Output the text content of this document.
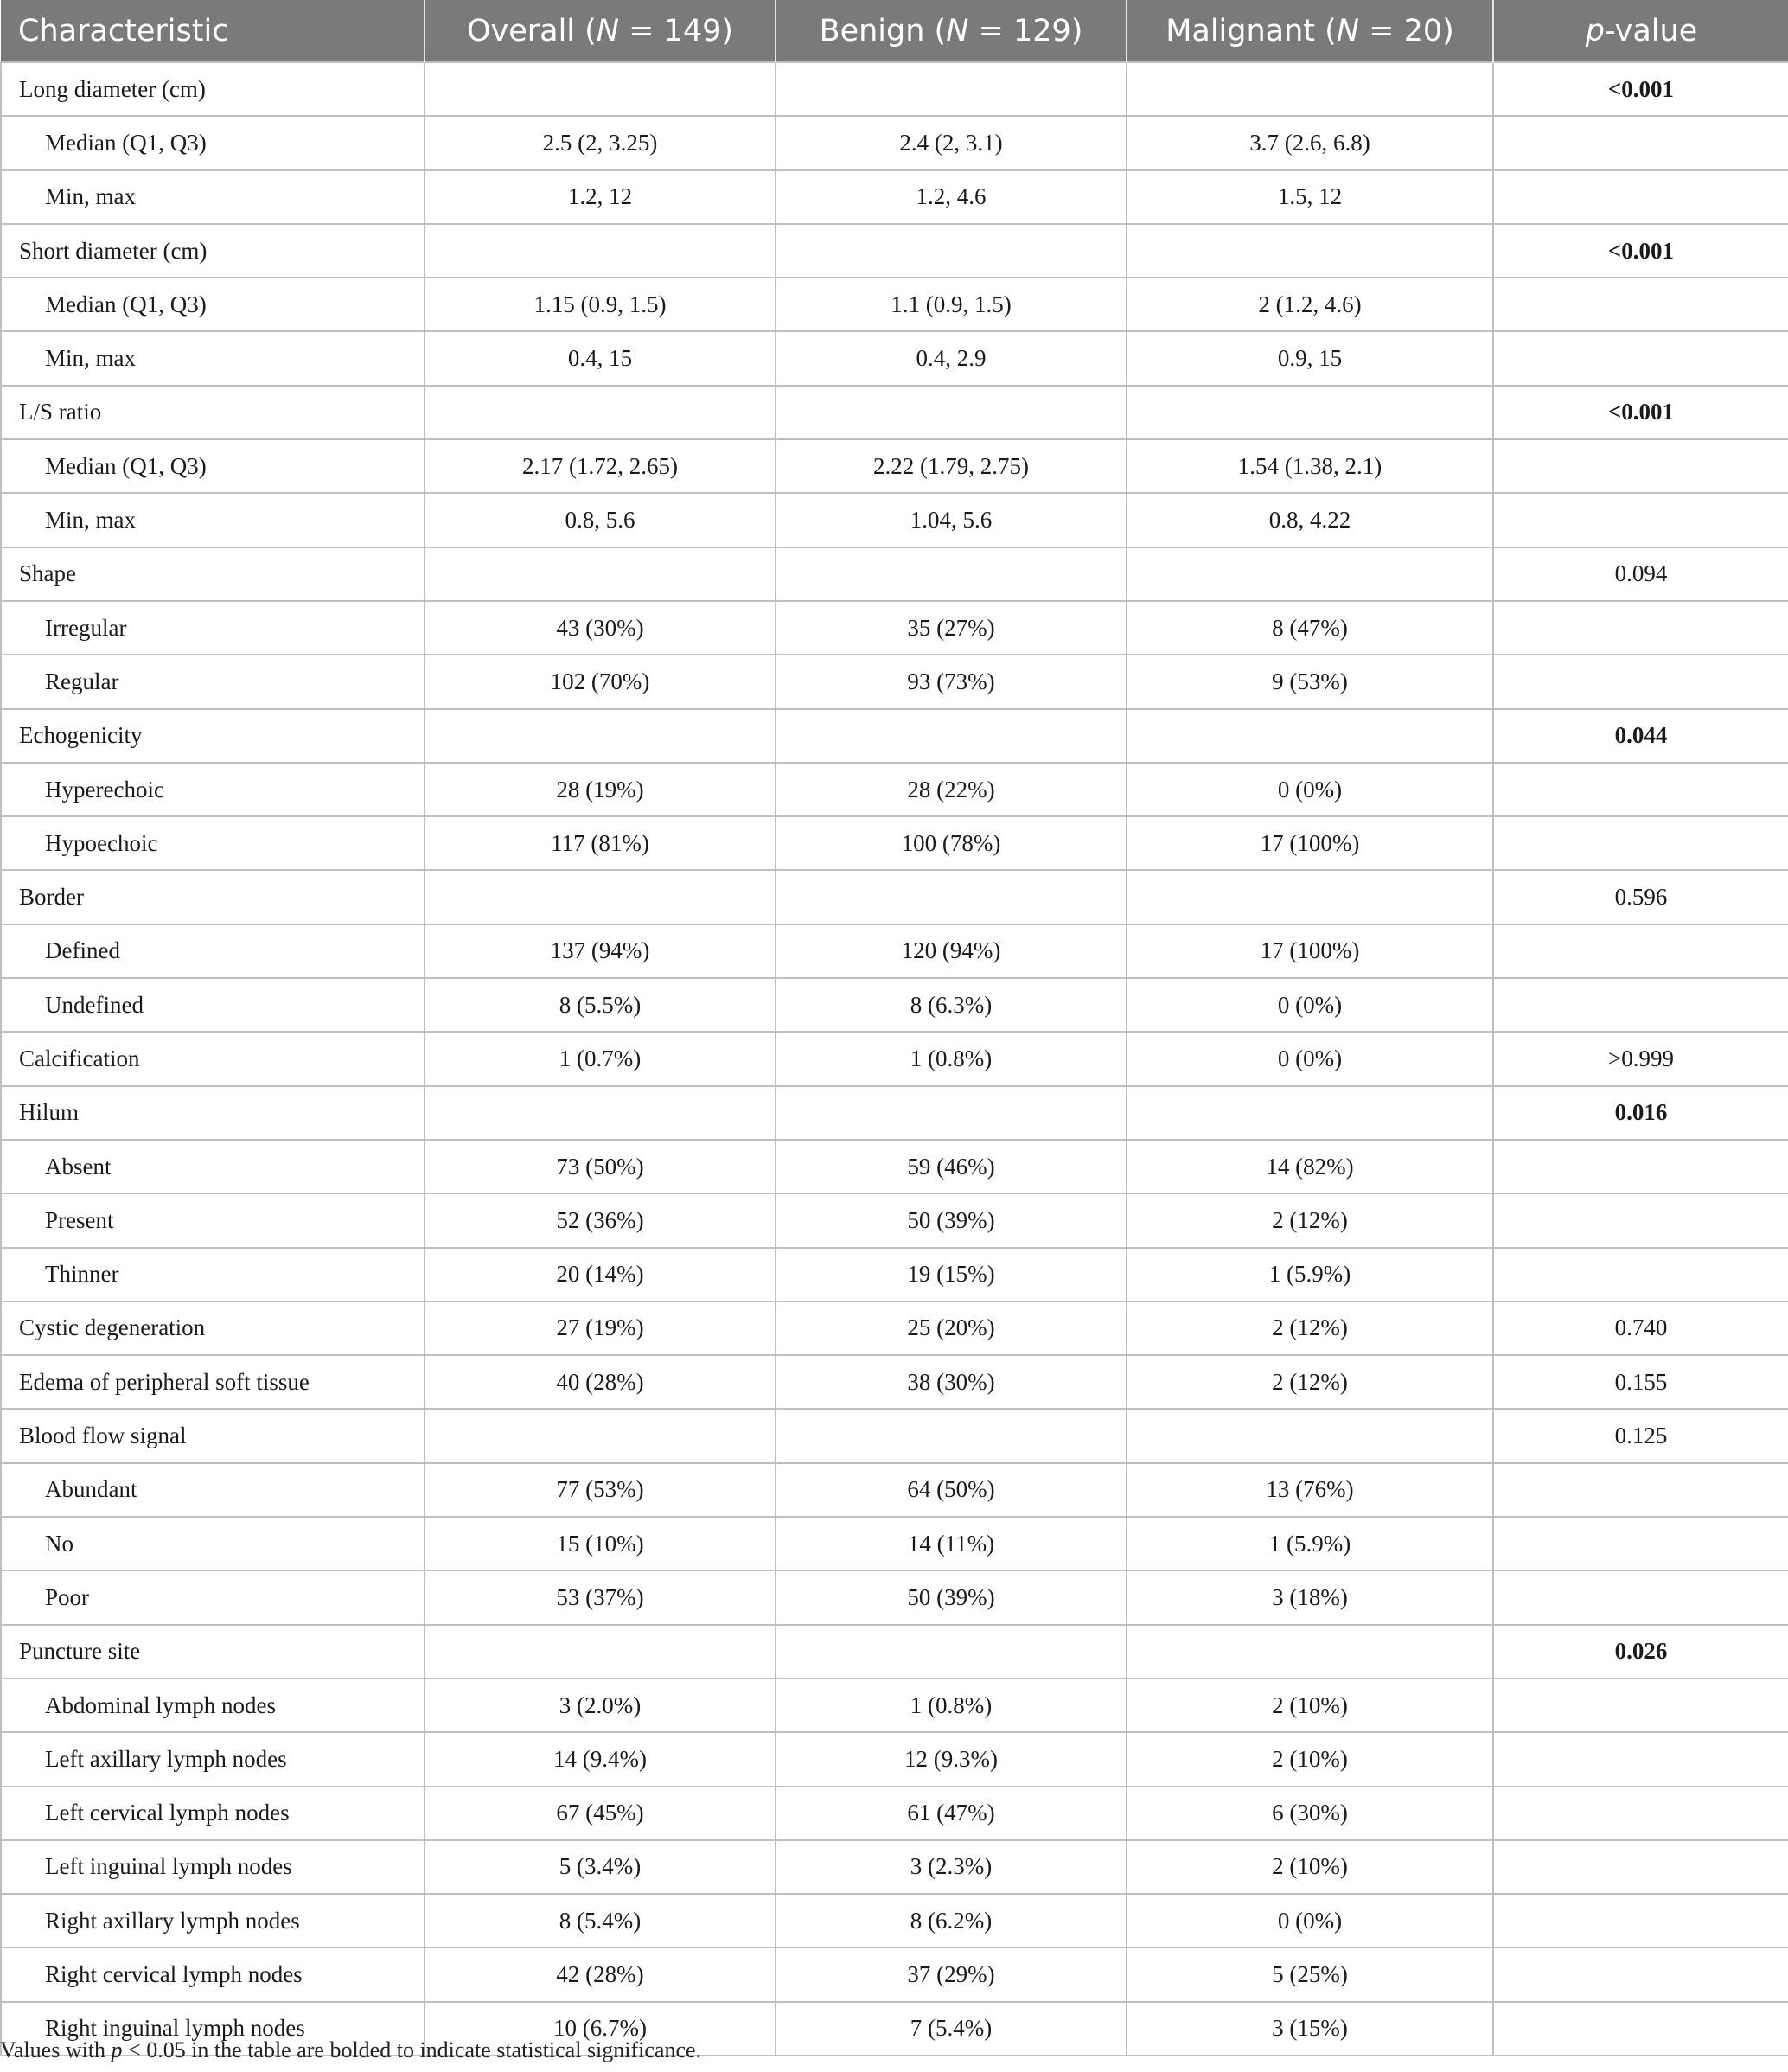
Characteristic	Overall (N = 149)	Benign (N = 129)	Malignant (N = 20)	p-value
Long diameter (cm)				<0.001
Median (Q1, Q3)	2.5 (2, 3.25)	2.4 (2, 3.1)	3.7 (2.6, 6.8)	
Min, max	1.2, 12	1.2, 4.6	1.5, 12	
Short diameter (cm)				<0.001
Median (Q1, Q3)	1.15 (0.9, 1.5)	1.1 (0.9, 1.5)	2 (1.2, 4.6)	
Min, max	0.4, 15	0.4, 2.9	0.9, 15	
L/S ratio				<0.001
Median (Q1, Q3)	2.17 (1.72, 2.65)	2.22 (1.79, 2.75)	1.54 (1.38, 2.1)	
Min, max	0.8, 5.6	1.04, 5.6	0.8, 4.22	
Shape				0.094
Irregular	43 (30%)	35 (27%)	8 (47%)	
Regular	102 (70%)	93 (73%)	9 (53%)	
Echogenicity				0.044
Hyperechoic	28 (19%)	28 (22%)	0 (0%)	
Hypoechoic	117 (81%)	100 (78%)	17 (100%)	
Border				0.596
Defined	137 (94%)	120 (94%)	17 (100%)	
Undefined	8 (5.5%)	8 (6.3%)	0 (0%)	
Calcification	1 (0.7%)	1 (0.8%)	0 (0%)	>0.999
Hilum				0.016
Absent	73 (50%)	59 (46%)	14 (82%)	
Present	52 (36%)	50 (39%)	2 (12%)	
Thinner	20 (14%)	19 (15%)	1 (5.9%)	
Cystic degeneration	27 (19%)	25 (20%)	2 (12%)	0.740
Edema of peripheral soft tissue	40 (28%)	38 (30%)	2 (12%)	0.155
Blood flow signal				0.125
Abundant	77 (53%)	64 (50%)	13 (76%)	
No	15 (10%)	14 (11%)	1 (5.9%)	
Poor	53 (37%)	50 (39%)	3 (18%)	
Puncture site				0.026
Abdominal lymph nodes	3 (2.0%)	1 (0.8%)	2 (10%)	
Left axillary lymph nodes	14 (9.4%)	12 (9.3%)	2 (10%)	
Left cervical lymph nodes	67 (45%)	61 (47%)	6 (30%)	
Left inguinal lymph nodes	5 (3.4%)	3 (2.3%)	2 (10%)	
Right axillary lymph nodes	8 (5.4%)	8 (6.2%)	0 (0%)	
Right cervical lymph nodes	42 (28%)	37 (29%)	5 (25%)	
Right inguinal lymph nodes	10 (6.7%)	7 (5.4%)	3 (15%)	
Values with p < 0.05 in the table are bolded to indicate statistical significance.
